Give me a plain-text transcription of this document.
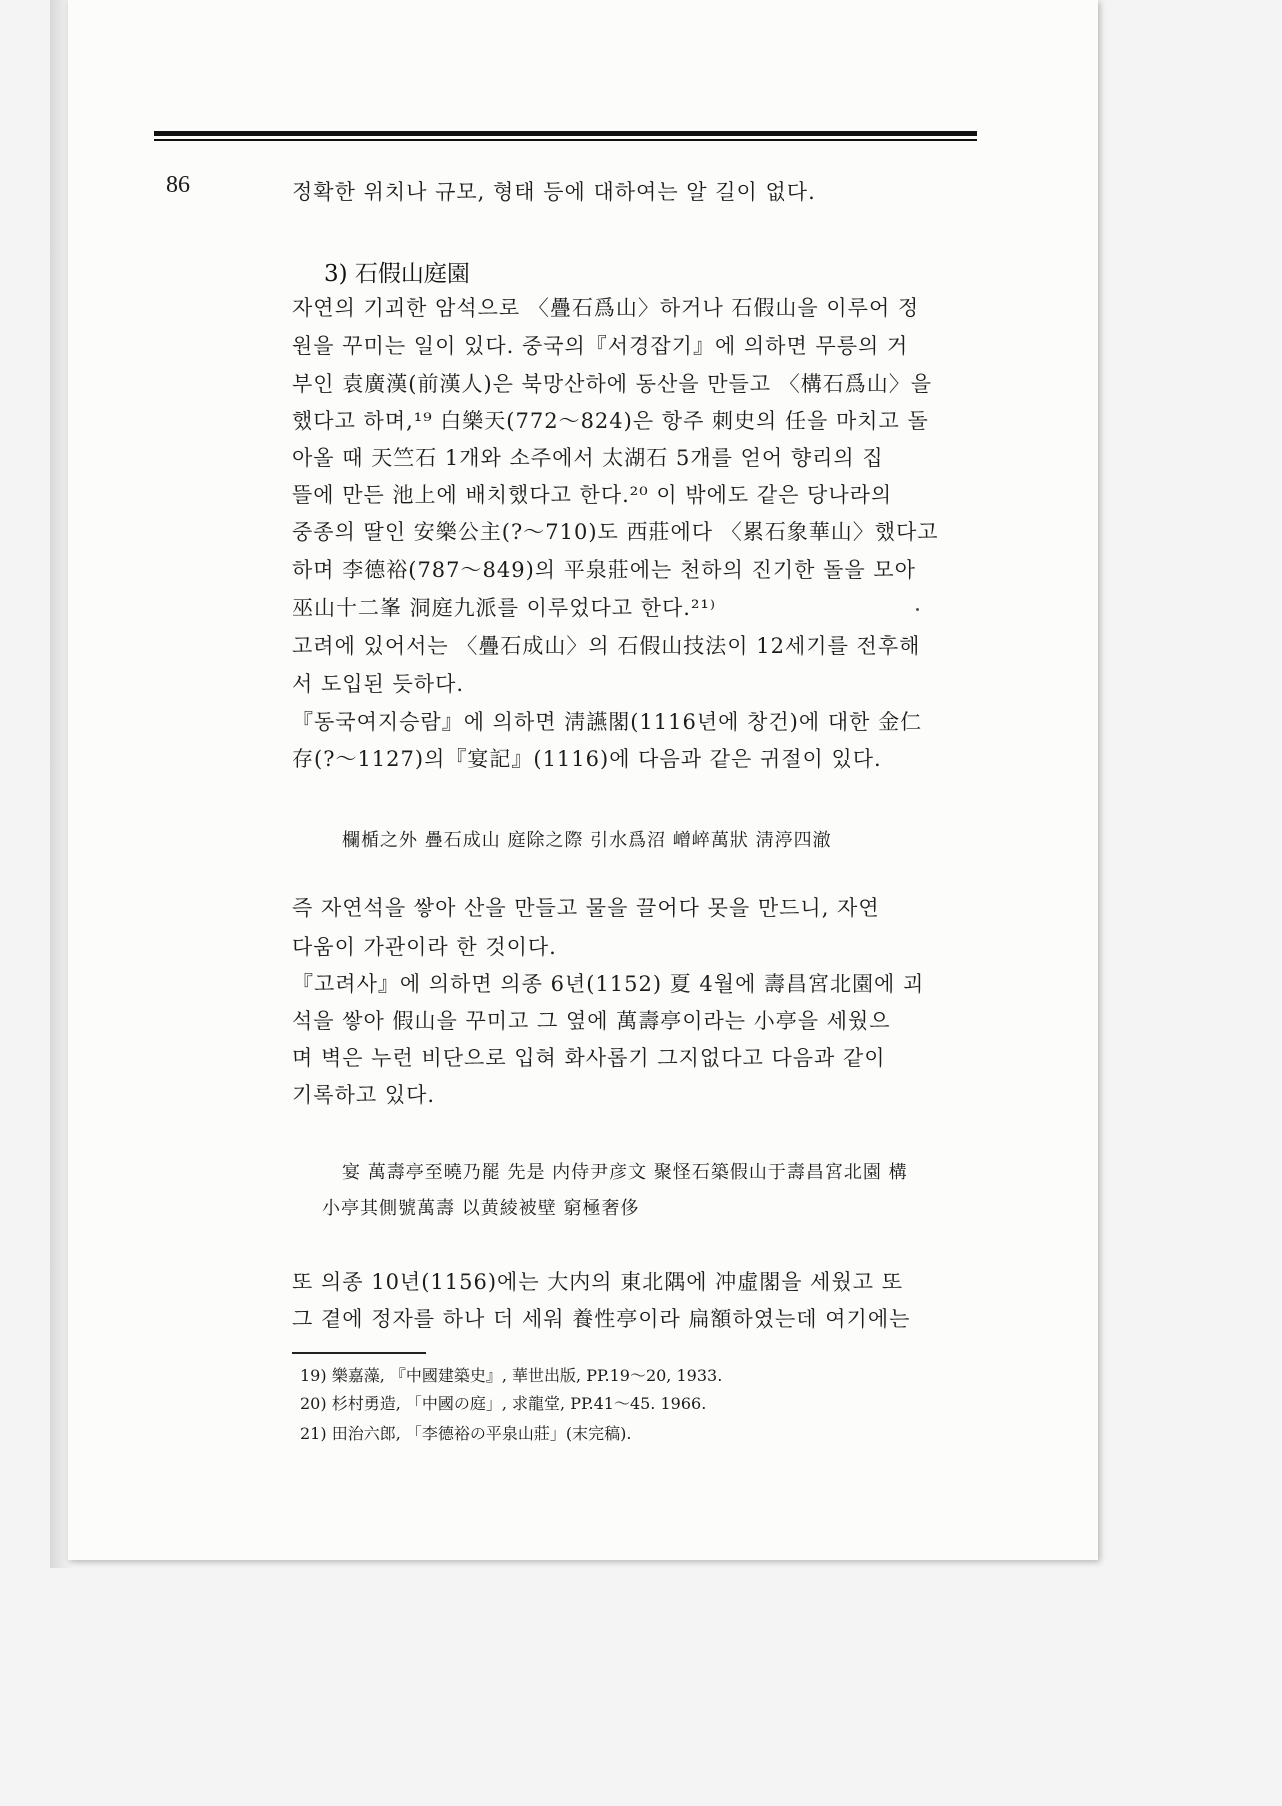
86	정확한 위치나 규모, 형태 등에 대하여는 알 길이 없다.
3) 石假山庭園
자연의 기괴한 암석으로 〈疊石爲山〉하거나 石假山을 이루어 정
원을 꾸미는 일이 있다. 중국의『서경잡기』에 의하면 무릉의 거
부인 袁廣漢(前漢人)은 북망산하에 동산을 만들고 〈構石爲山〉을
했다고 하며,¹⁹ 白樂天(772～824)은 항주 刺史의 任을 마치고 돌
아올 때 天竺石 1개와 소주에서 太湖石 5개를 얻어 향리의 집
뜰에 만든 池上에 배치했다고 한다.²⁰ 이 밖에도 같은 당나라의
중종의 딸인 安樂公主(?～710)도 西莊에다 〈累石象華山〉했다고
하며 李德裕(787～849)의 平泉莊에는 천하의 진기한 돌을 모아
巫山十二峯 洞庭九派를 이루었다고 한다.²¹⁾
고려에 있어서는 〈疊石成山〉의 石假山技法이 12세기를 전후해
서 도입된 듯하다.
『동국여지승람』에 의하면 淸讌閣(1116년에 창건)에 대한 金仁
存(?～1127)의『宴記』(1116)에 다음과 같은 귀절이 있다.
欄楯之外 疊石成山 庭除之際 引水爲沼 嶒崪萬狀 淸渟四澈
즉 자연석을 쌓아 산을 만들고 물을 끌어다 못을 만드니, 자연
다움이 가관이라 한 것이다.
『고려사』에 의하면 의종 6년(1152) 夏 4월에 壽昌宮北園에 괴
석을 쌓아 假山을 꾸미고 그 옆에 萬壽亭이라는 小亭을 세웠으
며 벽은 누런 비단으로 입혀 화사롭기 그지없다고 다음과 같이
기록하고 있다.
宴 萬壽亭至曉乃罷 先是 内侍尹彦文 聚怪石築假山于壽昌宮北園 構
小亭其側號萬壽 以黄綾被壁 窮極奢侈
또 의종 10년(1156)에는 大内의 東北隅에 冲虛閣을 세웠고 또
그 곁에 정자를 하나 더 세워 養性亭이라 扁額하였는데 여기에는
19) 樂嘉藻, 『中國建築史』, 華世出版, PP.19～20, 1933.
20) 杉村勇造, 「中國の庭」, 求龍堂, PP.41～45. 1966.
21) 田治六郎, 「李德裕の平泉山莊」(末完稿).
